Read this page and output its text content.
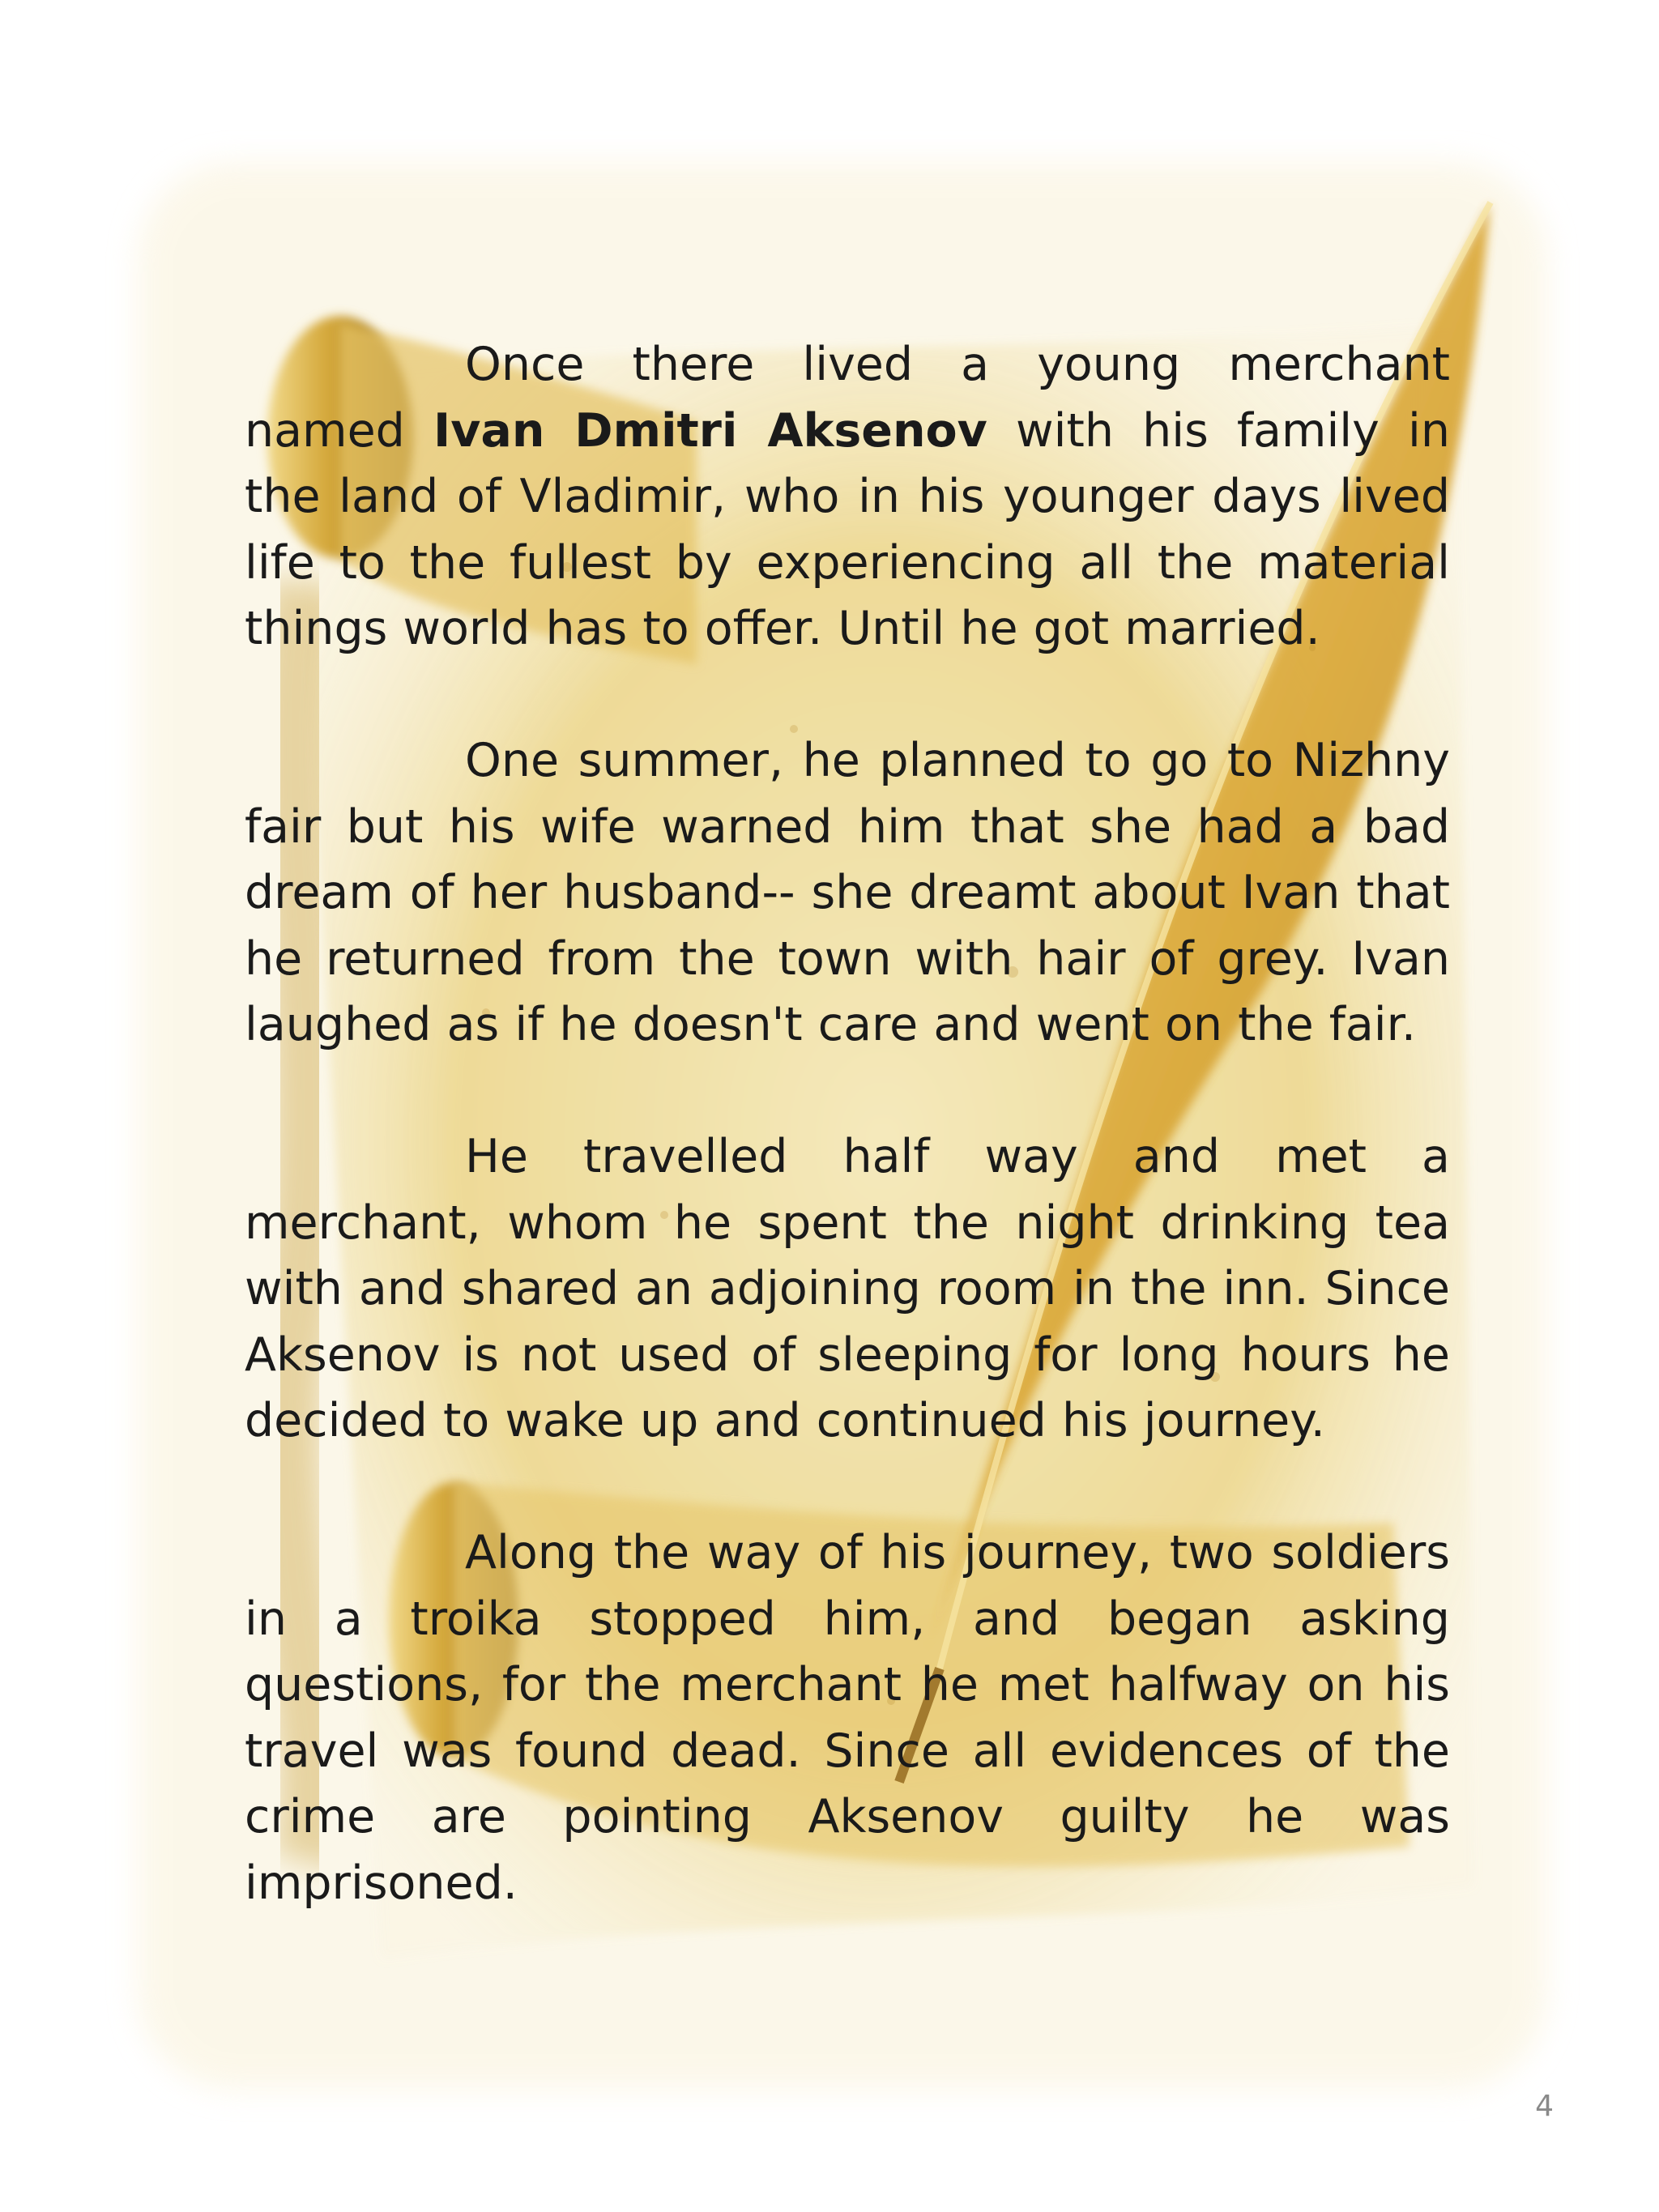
Once there lived a young merchant named Ivan Dmitri Aksenov with his family in the land of Vladimir, who in his younger days lived life to the fullest by experiencing all the material things world has to offer. Until he got married.

One summer, he planned to go to Nizhny fair but his wife warned him that she had a bad dream of her husband-- she dreamt about Ivan that he returned from the town with hair of grey. Ivan laughed as if he doesn't care and went on the fair.

He travelled half way and met a merchant, whom he spent the night drinking tea with and shared an adjoining room in the inn. Since Aksenov is not used of sleeping for long hours he decided to wake up and continued his journey.

Along the way of his journey, two soldiers in a troika stopped him, and began asking questions, for the merchant he met halfway on his travel was found dead. Since all evidences of the crime are pointing Aksenov guilty he was imprisoned.

4
